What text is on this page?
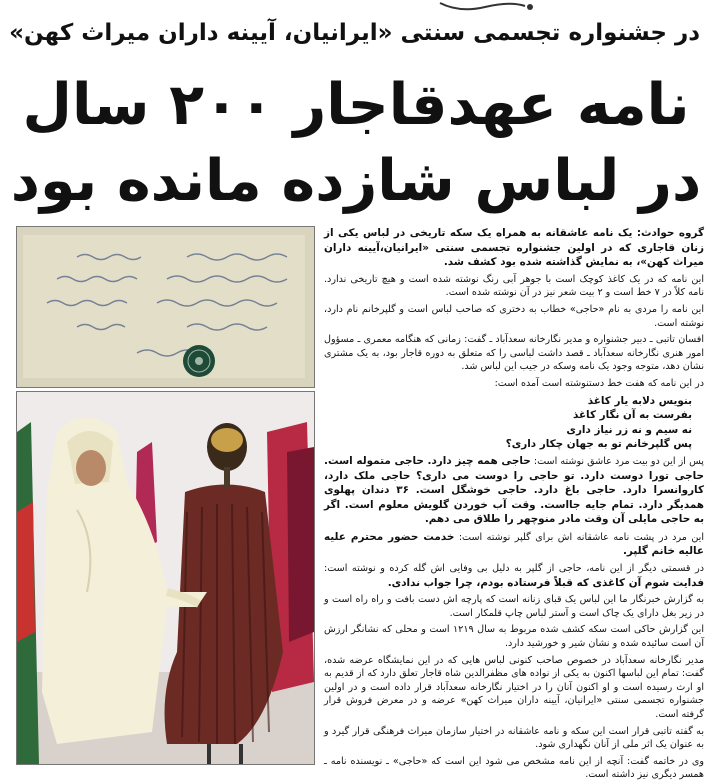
در جشنواره تجسمی سنتی «ایرانیان، آیینه داران میراث کهن»
نامه عهدقاجار ۲۰۰ سال
در لباس شازده مانده بود

گروه حوادث: یک نامه عاشقانه به همراه یک سکه تاریخی در لباس یکی از زنان قاجاری که در اولین جشنواره تجسمی سنتی «ایرانیان،آیینه داران میراث کهن»، به نمایش گذاشته شده بود کشف شد.

این نامه که در یک کاغذ کوچک است با جوهر آبی رنگ نوشته شده است و هیچ تاریخی ندارد. نامه کلاً در ۷ خط است و ۲ بیت شعر نیز در آن نوشته شده است.

این نامه را مردی به نام «حاجی» خطاب به دختری که صاحب لباس است و گلپرخانم نام دارد، نوشته است.

افسان تاتبی ـ دبیر جشنواره و مدیر نگارخانه سعدآباد ـ گفت: زمانی که هنگامه معمری ـ مسؤول امور هنری نگارخانه سعدآباد ـ قصد داشت لباسی را که متعلق به دوره قاجار بود، به یک مشتری نشان دهد، متوجه وجود یک نامه وسکه در جیب این لباس شد.

در این نامه که هفت خط دستنوشته است آمده است:

بنویس دلابه یار کاغذ
بفرست به آن نگار کاغذ
نه سیم و نه زر نیاز داری
پس گلپرخانم تو به جهان چکار داری؟

پس از این دو بیت مرد عاشق نوشته است: حاجی همه چیز دارد. حاجی متموله است. حاجی تورا دوست دارد. تو حاجی را دوست می داری؟ حاجی ملک دارد، کاروانسرا دارد. حاجی باغ دارد. حاجی خوشگل است. ۳۶ دندان پهلوی همدیگر دارد. تمام جایه جااست. وقت آب خوردن گلویش معلوم است. اگر به حاجی مایلی آن وقت مادر منوچهر را طلاق می دهم.

این مرد در پشت نامه عاشقانه اش برای گلپر نوشته است: خدمت حضور محترم علیه عالیه خانم گلپر.

در قسمتی دیگر از این نامه، حاجی از گلپر به دلیل بی وفایی اش گله کرده و نوشته است: فدایت شوم آن کاغذی که قبلاً فرستاده بودم، چرا جواب ندادی.

به گزارش خبرنگار ما این لباس یک قبای زنانه است که پارچه اش دست بافت و راه راه است و در زیر بغل دارای یک چاک است و آستر لباس چاپ قلمکار است.

این گزارش حاکی است سکه کشف شده مربوط به سال ۱۲۱۹ است و محلی که نشانگر ارزش آن است سائیده شده و نشان شیر و خورشید دارد.

مدیر نگارخانه سعدآباد در خصوص صاحب کنونی لباس هایی که در این نمایشگاه عرضه شده، گفت: تمام این لباسها اکنون به یکی از نواده های مظفرالدین شاه قاجار تعلق دارد که از قدیم به او ارث رسیده است و او اکنون آنان را در اختیار نگارخانه سعدآباد قرار داده است و در اولین جشنواره تجسمی سنتی «ایرانیان، آیینه داران میراث کهن» عرضه و در معرض فروش قرار گرفته است.

به گفته تاتبی قرار است این سکه و نامه عاشقانه در اختیار سازمان میراث فرهنگی قرار گیرد و به عنوان یک اثر ملی از آنان نگهداری شود.

وی در خاتمه گفت: آنچه از این نامه مشخص می شود این است که «حاجی» ـ نویسنده نامه ـ همسر دیگری نیز داشته است.
